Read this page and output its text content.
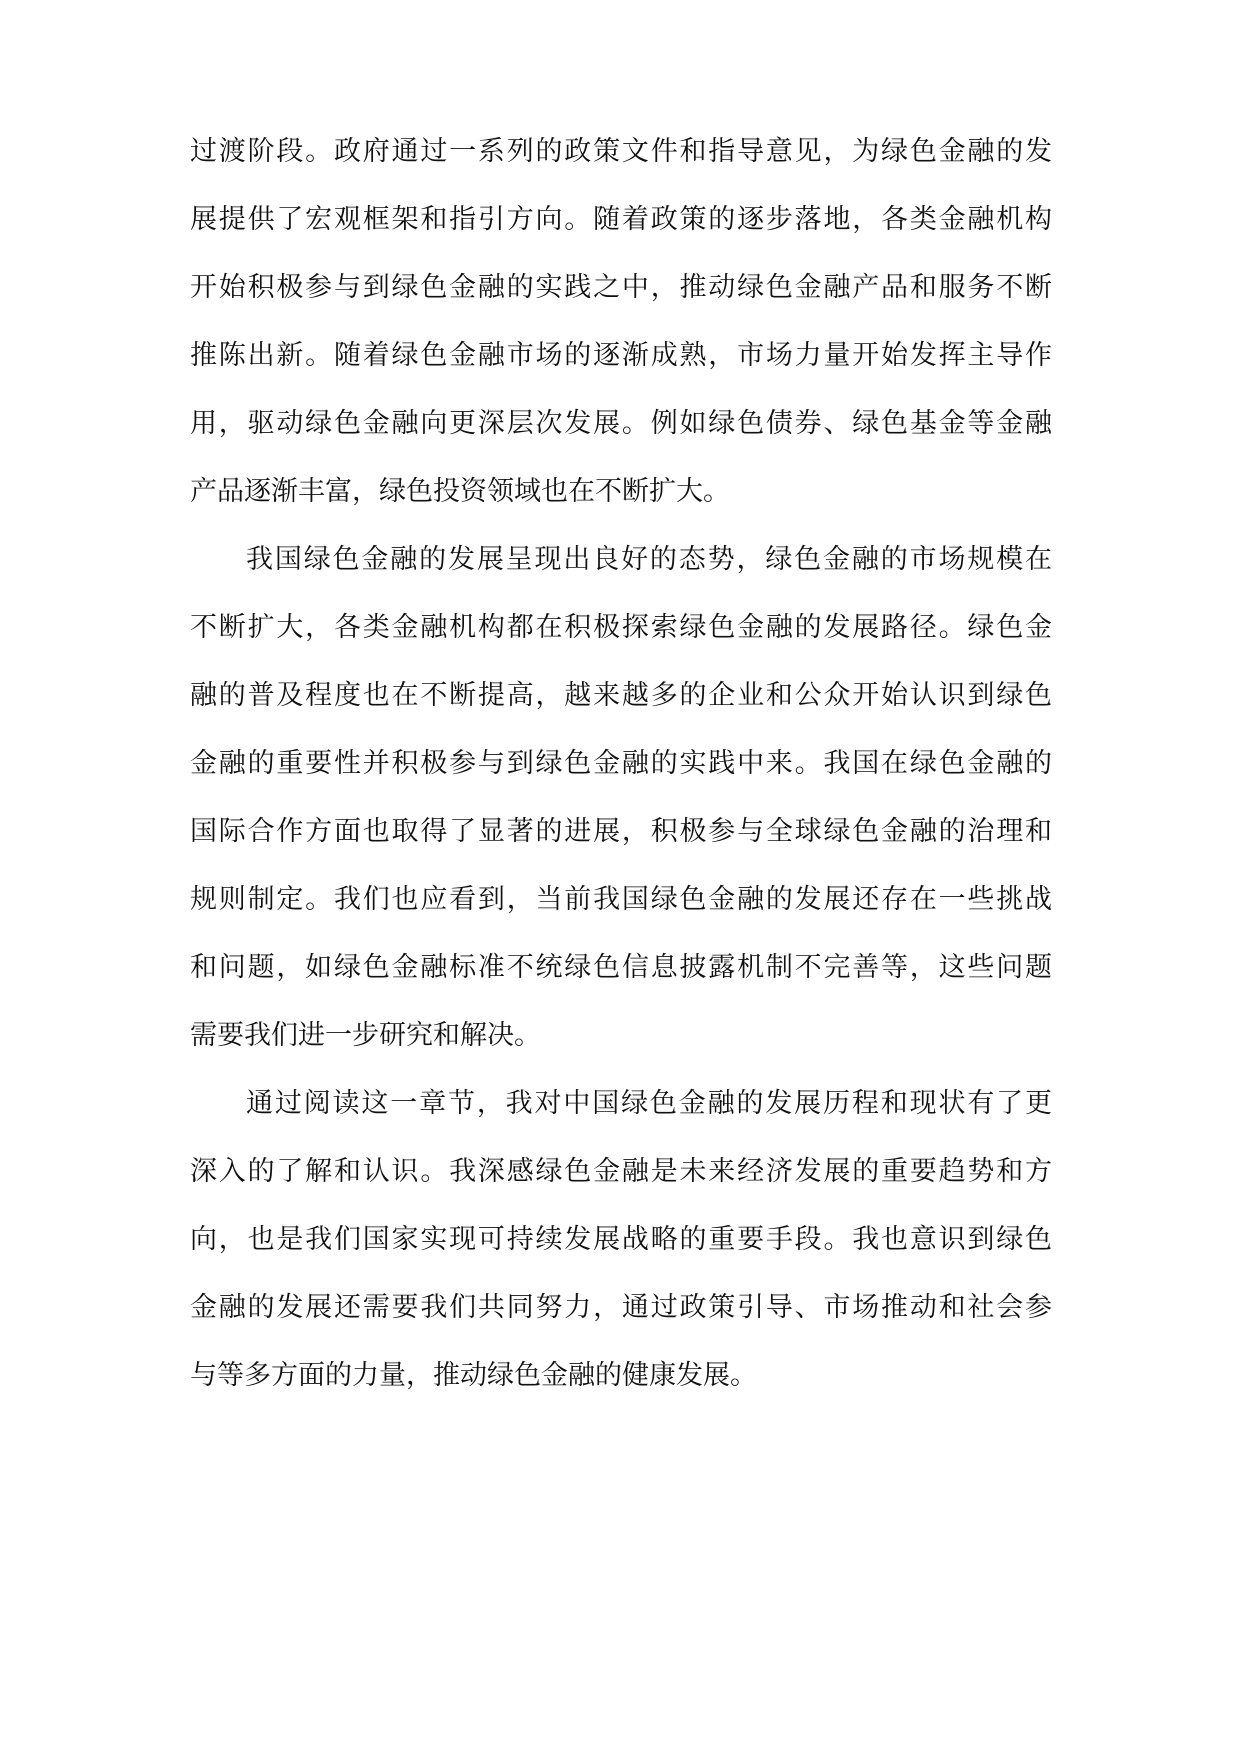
过渡阶段。政府通过一系列的政策文件和指导意见，为绿色金融的发
展提供了宏观框架和指引方向。随着政策的逐步落地，各类金融机构
开始积极参与到绿色金融的实践之中，推动绿色金融产品和服务不断
推陈出新。随着绿色金融市场的逐渐成熟，市场力量开始发挥主导作
用，驱动绿色金融向更深层次发展。例如绿色债券、绿色基金等金融
产品逐渐丰富，绿色投资领域也在不断扩大。
我国绿色金融的发展呈现出良好的态势，绿色金融的市场规模在
不断扩大，各类金融机构都在积极探索绿色金融的发展路径。绿色金
融的普及程度也在不断提高，越来越多的企业和公众开始认识到绿色
金融的重要性并积极参与到绿色金融的实践中来。我国在绿色金融的
国际合作方面也取得了显著的进展，积极参与全球绿色金融的治理和
规则制定。我们也应看到，当前我国绿色金融的发展还存在一些挑战
和问题，如绿色金融标准不统绿色信息披露机制不完善等，这些问题
需要我们进一步研究和解决。
通过阅读这一章节，我对中国绿色金融的发展历程和现状有了更
深入的了解和认识。我深感绿色金融是未来经济发展的重要趋势和方
向，也是我们国家实现可持续发展战略的重要手段。我也意识到绿色
金融的发展还需要我们共同努力，通过政策引导、市场推动和社会参
与等多方面的力量，推动绿色金融的健康发展。
